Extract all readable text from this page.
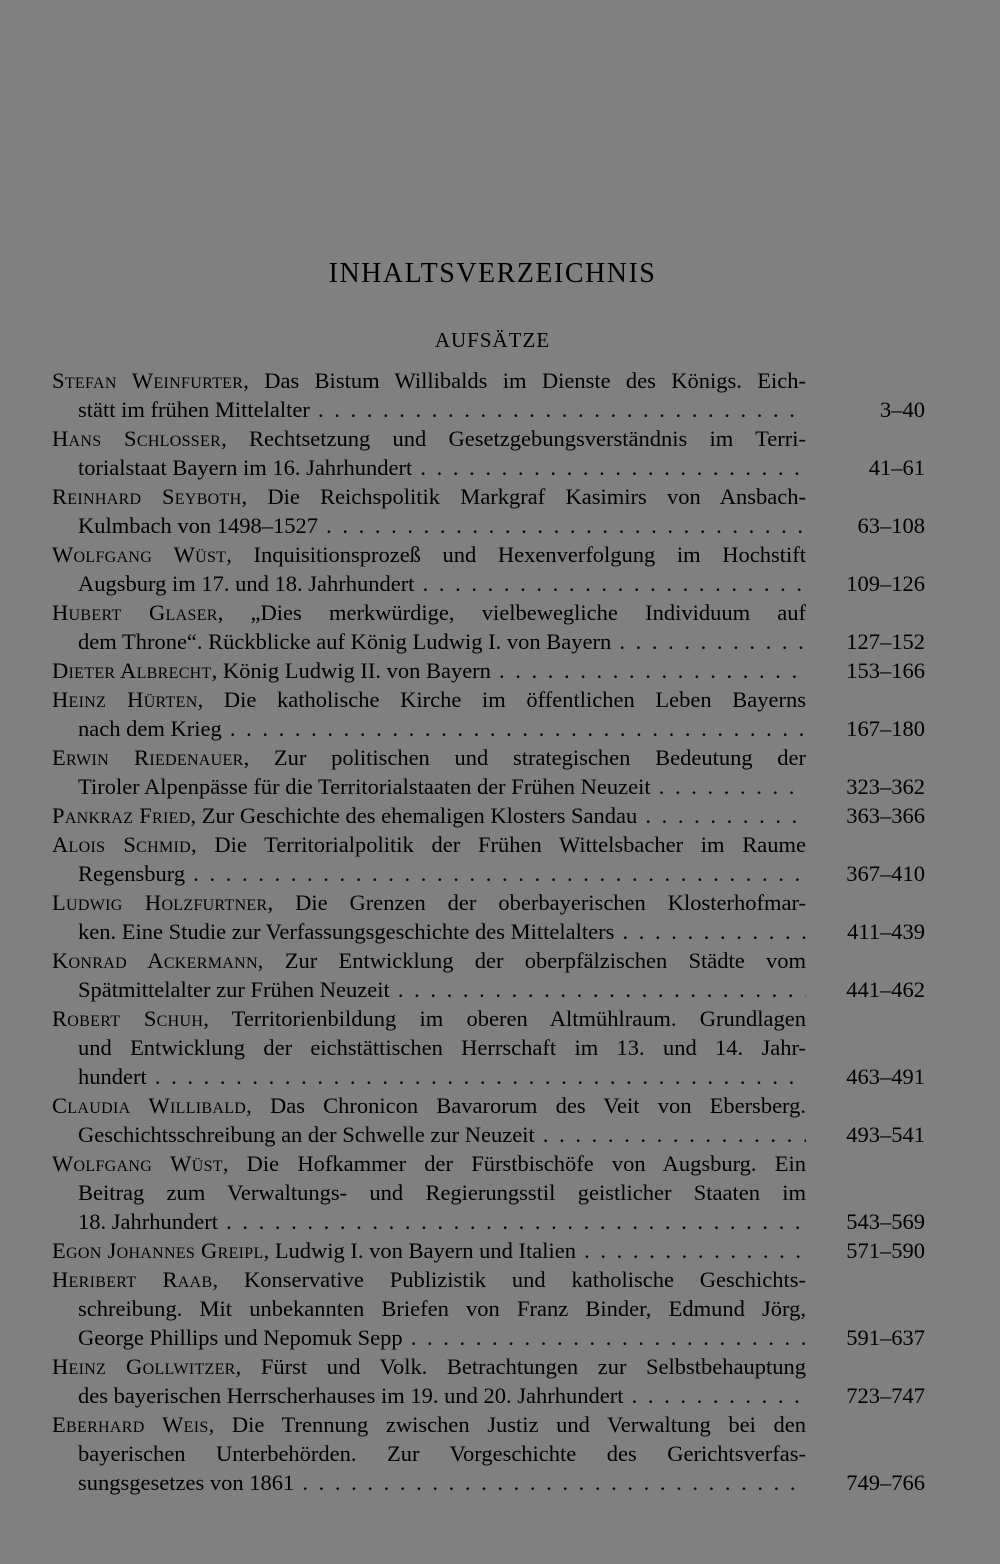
INHALTSVERZEICHNIS
AUFSÄTZE
Stefan Weinfurter, Das Bistum Willibalds im Dienste des Königs. Eich-
stätt im frühen Mittelalter . . .	3–40
Hans Schlosser, Rechtsetzung und Gesetzgebungsverständnis im Terri-
torialstaat Bayern im 16. Jahrhundert . . .	41–61
Reinhard Seyboth, Die Reichspolitik Markgraf Kasimirs von Ansbach-
Kulmbach von 1498–1527 . . .	63–108
Wolfgang Wüst, Inquisitionsprozeß und Hexenverfolgung im Hochstift
Augsburg im 17. und 18. Jahrhundert . . .	109–126
Hubert Glaser, „Dies merkwürdige, vielbewegliche Individuum auf
dem Throne“. Rückblicke auf König Ludwig I. von Bayern . . .	127–152
Dieter Albrecht, König Ludwig II. von Bayern . . .	153–166
Heinz Hürten, Die katholische Kirche im öffentlichen Leben Bayerns
nach dem Krieg . . .	167–180
Erwin Riedenauer, Zur politischen und strategischen Bedeutung der
Tiroler Alpenpässe für die Territorialstaaten der Frühen Neuzeit . . .	323–362
Pankraz Fried, Zur Geschichte des ehemaligen Klosters Sandau . . .	363–366
Alois Schmid, Die Territorialpolitik der Frühen Wittelsbacher im Raume
Regensburg . . .	367–410
Ludwig Holzfurtner, Die Grenzen der oberbayerischen Klosterhofmar-
ken. Eine Studie zur Verfassungsgeschichte des Mittelalters . . .	411–439
Konrad Ackermann, Zur Entwicklung der oberpfälzischen Städte vom
Spätmittelalter zur Frühen Neuzeit . . .	441–462
Robert Schuh, Territorienbildung im oberen Altmühlraum. Grundlagen
und Entwicklung der eichstättischen Herrschaft im 13. und 14. Jahr-
hundert . . .	463–491
Claudia Willibald, Das Chronicon Bavarorum des Veit von Ebersberg.
Geschichtsschreibung an der Schwelle zur Neuzeit . . .	493–541
Wolfgang Wüst, Die Hofkammer der Fürstbischöfe von Augsburg. Ein
Beitrag zum Verwaltungs- und Regierungsstil geistlicher Staaten im
18. Jahrhundert . . .	543–569
Egon Johannes Greipl, Ludwig I. von Bayern und Italien . . .	571–590
Heribert Raab, Konservative Publizistik und katholische Geschichts-
schreibung. Mit unbekannten Briefen von Franz Binder, Edmund Jörg,
George Phillips und Nepomuk Sepp . . .	591–637
Heinz Gollwitzer, Fürst und Volk. Betrachtungen zur Selbstbehauptung
des bayerischen Herrscherhauses im 19. und 20. Jahrhundert . . .	723–747
Eberhard Weis, Die Trennung zwischen Justiz und Verwaltung bei den
bayerischen Unterbehörden. Zur Vorgeschichte des Gerichtsverfas-
sungsgesetzes von 1861 . . .	749–766
